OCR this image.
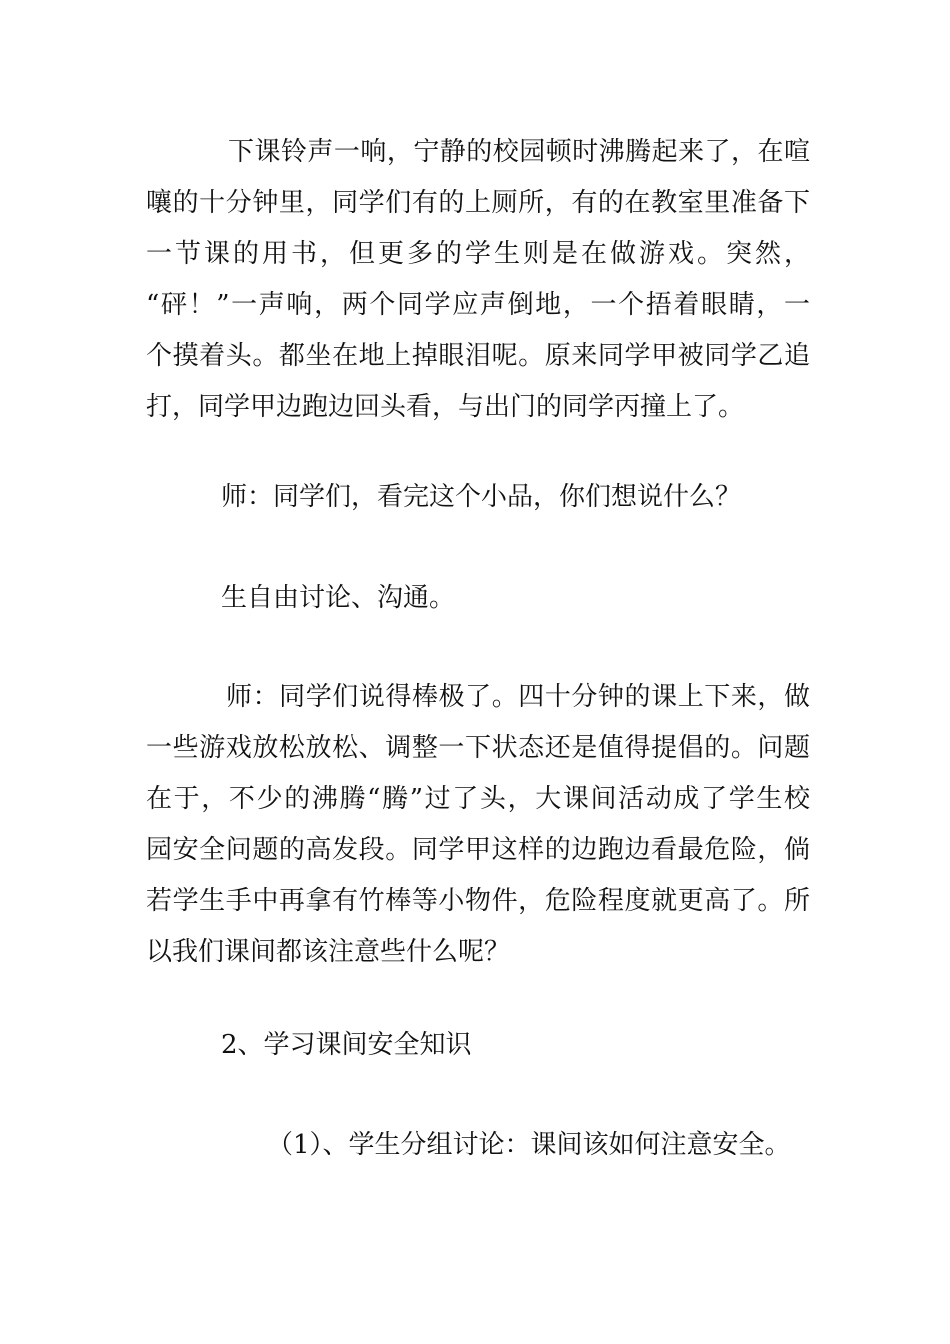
下课铃声一响，宁静的校园顿时沸腾起来了，在喧
嚷的十分钟里，同学们有的上厕所，有的在教室里准备下
一节课的用书，但更多的学生则是在做游戏。突然，
“砰！”一声响，两个同学应声倒地，一个捂着眼睛，一
个摸着头。都坐在地上掉眼泪呢。原来同学甲被同学乙追
打，同学甲边跑边回头看，与出门的同学丙撞上了。

师：同学们，看完这个小品，你们想说什么？

生自由讨论、沟通。

师：同学们说得棒极了。四十分钟的课上下来，做
一些游戏放松放松、调整一下状态还是值得提倡的。问题
在于，不少的沸腾“腾”过了头，大课间活动成了学生校
园安全问题的高发段。同学甲这样的边跑边看最危险，倘
若学生手中再拿有竹棒等小物件，危险程度就更高了。所
以我们课间都该注意些什么呢？

2、学习课间安全知识

（1）、学生分组讨论：课间该如何注意安全。
